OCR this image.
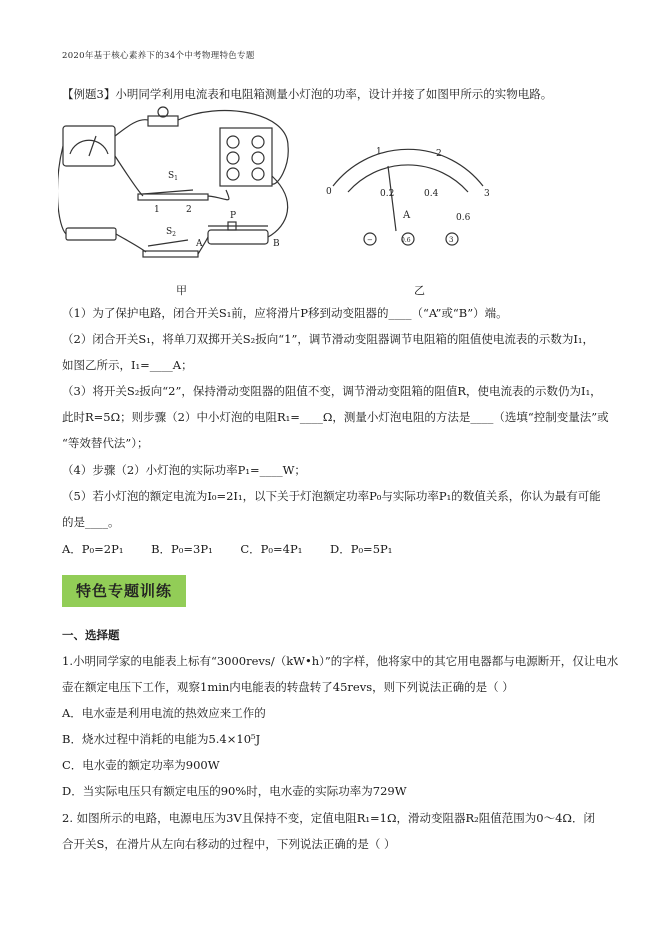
2020年基于核心素养下的34个中考物理特色专题
【例题3】小明同学利用电流表和电阻箱测量小灯泡的功率，设计并接了如图甲所示的实物电路。
$S_1$
1	2
$S_2$
P
A	B
0
1	2
3
0.2	0.4
0.6
A
−	0.6	3
甲	乙
（1）为了保护电路，闭合开关S₁前，应将滑片P移到动变阻器的____（“A”或“B”）端。
（2）闭合开关S₁，将单刀双掷开关S₂扳向“1”，调节滑动变阻器调节电阻箱的阻值使电流表的示数为I₁，
如图乙所示，I₁=____A；
（3）将开关S₂扳向“2”，保持滑动变阻器的阻值不变，调节滑动变阻箱的阻值R，使电流表的示数仍为I₁，
此时R=5Ω；则步骤（2）中小灯泡的电阻R₁=____Ω，测量小灯泡电阻的方法是____（选填“控制变量法”或
“等效替代法”）；
（4）步骤（2）小灯泡的实际功率P₁=____W；
（5）若小灯泡的额定电流为I₀=2I₁，以下关于灯泡额定功率P₀与实际功率P₁的数值关系，你认为最有可能
的是____。
A．P₀=2P₁ B．P₀=3P₁ C．P₀=4P₁ D．P₀=5P₁
特色专题训练
一、选择题
1.小明同学家的电能表上标有“3000revs/（kW•h）”的字样，他将家中的其它用电器都与电源断开，仅让电水
壶在额定电压下工作，观察1min内电能表的转盘转了45revs，则下列说法正确的是（ ）
A．电水壶是利用电流的热效应来工作的
B．烧水过程中消耗的电能为5.4×10⁵J
C．电水壶的额定功率为900W
D．当实际电压只有额定电压的90%时，电水壶的实际功率为729W
2. 如图所示的电路，电源电压为3V且保持不变，定值电阻R₁=1Ω，滑动变阻器R₂阻值范围为0～4Ω．闭
合开关S，在滑片从左向右移动的过程中，下列说法正确的是（ ）
